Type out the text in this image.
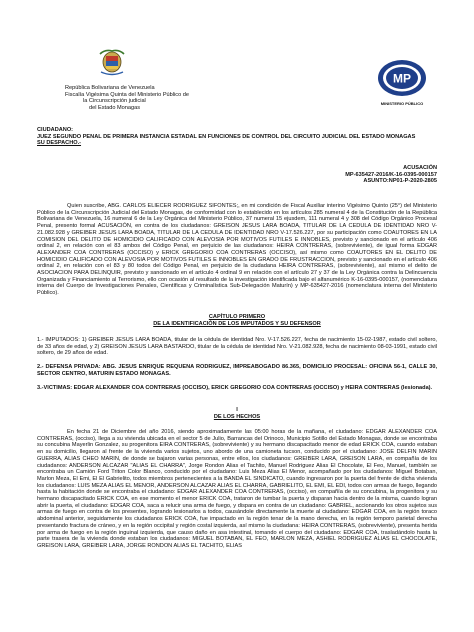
República Bolivariana de Venezuela
Fiscalía Vigésima Quinta del Ministerio Público de
la Circunscripción judicial
del Estado Monagas
MP
MINISTERIO PÚBLICO
CIUDADANO:
JUEZ SEGUNDO PENAL DE PRIMERA INSTANCIA ESTADAL EN FUNCIONES DE CONTROL DEL CIRCUITO JUDICIAL DEL ESTADO MONAGAS
SU DESPACHO.-
ACUSACIÓN
MP-635427-2016/K-16-0395-000157
ASUNTO:NP01-P-2020-2805
Quien suscribe, ABG. CARLOS ELIECER RODRIGUEZ SIFONTES;, en mi condición de Fiscal Auxiliar interino Vigésimo Quinto (25°) del Ministerio Público de la Circunscripción Judicial del Estado Monagas, de conformidad con lo establecido en los artículos 285 numeral 4 de la Constitución de la República Bolivariana de Venezuela, 16 numeral 6 de la Ley Orgánica del Ministerio Público, 37 numeral 15 ejusdem, 111 numeral 4 y 308 del Código Orgánico Procesal Penal, presento formal ACUSACIÓN, en contra de los ciudadanos: GREISON JESUS LARA BOADA, TITULAR DE LA CEDULA DE IDENTIDAD NRO V-21.082.928 y GREIBER JESUS LARA BOADA, TITULAR DE LA CEDULA DE IDENTIDAD NRO V-17.526.227, por su participación como COAUTORES EN LA COMISION DEL DELITO DE HOMICIDIO CALIFICADO CON ALEVOSIA POR MOTIVOS FUTILES E INNOBLES, previsto y sancionado en el artículo 406 ordinal 2, en relación con el 83 ambos del Código Penal, en perjuicio de las ciudadanos: HEIRA CONTRERAS, (sobreviviente), de igual forma EDGAR ALEXANDER COA CONTRERAS (OCCISO) y ERICK GREGORIO COA CONTRERAS (OCCISO), así mismo como COAUTORES EN EL DELITO DE HOMICIDIO CALIFICADO CON ALEVOSIA POR MOTIVOS FUTILES E INNOBLES EN GRADO DE FRUSTRACCION, previsto y sancionado en el artículo 406 ordinal 2, en relación con el 83 y 80 todos del Código Penal, en perjuicio de la ciudadana HEIRA CONTRERAS, (sobreviviente), así mismo el delito de ASOCIACION PARA DELINQUIR, previsto y sancionado en el artículo 4 ordinal 9 en relación con el artículo 27 y 37 de la Ley Orgánica contra la Delincuencia Organizada y Financiamiento al Terrorismo, ello con ocasión al resultado de la investigación identificada bajo el alfanumérico K-16-0395-000157, (nomenclatura interna del Cuerpo de Investigaciones Penales, Científicas y Criminalística Sub-Delegación Maturín) y MP-635427-2016 (nomenclatura interna del Ministerio Público).
CAPÍTULO PRIMERO
DE LA IDENTIFICACIÓN DE LOS IMPUTADOS Y SU DEFENSOR
1.- IMPUTADOS: 1) GREIBER JESUS LARA BOADA, titular de la cédula de identidad Nro. V-17.526.227, fecha de nacimiento 15-02-1987, estado civil soltero, de 33 años de edad, y 2) GREISON JESUS LARA BASTARDO, titular de la cédula de identidad Nro. V-21.082.928, fecha de nacimiento 08-03-1991, estado civil soltero, de 29 años de edad.
2.- DEFENSA PRIVADA: ABG. JESUS ENRIQUE REQUENA RODRIGUEZ, IMPREABOGADO 86.365, DOMICILIO PROCESAL: OFICINA 56-1, CALLE 30, SECTOR CENTRO, MATURIN ESTADO MONAGAS.
3.-VICTIMAS: EDGAR ALEXANDER COA CONTRERAS (OCCISO), ERICK GREGORIO COA CONTRERAS (OCCISO) y HEIRA CONTRERAS (lesionada).
I
DE LOS HECHOS
En fecha 21 de Diciembre del año 2016, siendo aproximadamente las 05:00 horas de la mañana, el ciudadano: EDGAR ALEXANDER COA CONTRERAS, (occiso), llega a su vivienda ubicada en el sector 5 de Julio, Barrancas del Orinoco, Municipio Sotillo del Estado Monagas, donde se encontraba su concubina Mayerlin Gonzalez, su progenitora EIRA CONTRERAS, (sobreviviente) y su hermano discapacitado menor de edad ERICK COA, cuando estaban en su domicilio, llegaron al frente de la vivienda varios sujetos, uno abordo de una camioneta tucson, conducido por el ciudadano: JOSE DELFIN MARIN GUERRA, ALIAS CHEO MARIN, de donde se bajaron varias personas, entre ellos, los ciudadanos: GREIBER LARA, GREISON LARA, en compañía de los ciudadanos: ANDERSON ALCAZAR "ALIAS EL CHARRA", Jorge Rondon Alias el Tachito, Manuel Rodriguez Alias El Chocolate, El Feo, Manuel, también se encontraba un Camión Ford Triton Color Blanco, conducido por el ciudadano: Luis Meza Alias El Menor, acompañado por los ciudadanos: Miguel Botaban, Marlon Meza, El Emi, El El Gabrielito, todos miembros pertenecientes a la BANDA EL SINDICATO, cuando ingresaron por la puerta del frente de dicha vivienda los ciudadanos: LUIS MEZA ALIAS EL MENOR, ANDERSON ALCAZAR ALIAS EL CHARRA, GABRIELITO, EL EMI, EL EDI, todos con armas de fuego, llegando hasta la habitación donde se encontraba el ciudadano: EDGAR ALEXANDER COA CONTRERAS, (occiso), en compañía de su concubina, la progenitora y su hermano discapacitado ERICK COA, en ese momento el menor ERICK COA, trataron de tumbar la puerta y disparan hacia dentro de la misma, cuando logran abrir la puerta, el ciudadano: EDGAR COA, saca a relucir una arma de fuego, y dispara en contra de un ciudadano: GABRIEL, accionando los otros sujetos sus armas de fuego en contra de los presentes, logrando lesionarlos a todos, causándole directamente la muerte al ciudadano: EDGAR COA, en la región toraco abdominal anterior, seguidamente los ciudadanos ERICK COA, fue impactado en la región tenar de la mano derecha, en la región temporo parietal derecha presentando fractura de cráneo, y en la región occipital y región costal izquierda, así mismo la ciudadana: HEIRA CONTRERAS, (sobreviviente), presenta herida por arma de fuego en la región inguinal izquierda, que causo daño en asa intestinal, tomando el cuerpo del ciudadano: EDGAR COA, trasladándolo hasta la parte trasera de la vivienda donde estaban los ciudadanos: MIGUEL BOTABAN, EL FEO, MARLON MEZA, ASHIEL RODRIGUEZ ALIAS EL CHOCOLATE, GREISON LARA, GREIBER LARA, JORGE RONDON ALIAS EL TACHITO, ELIAS
